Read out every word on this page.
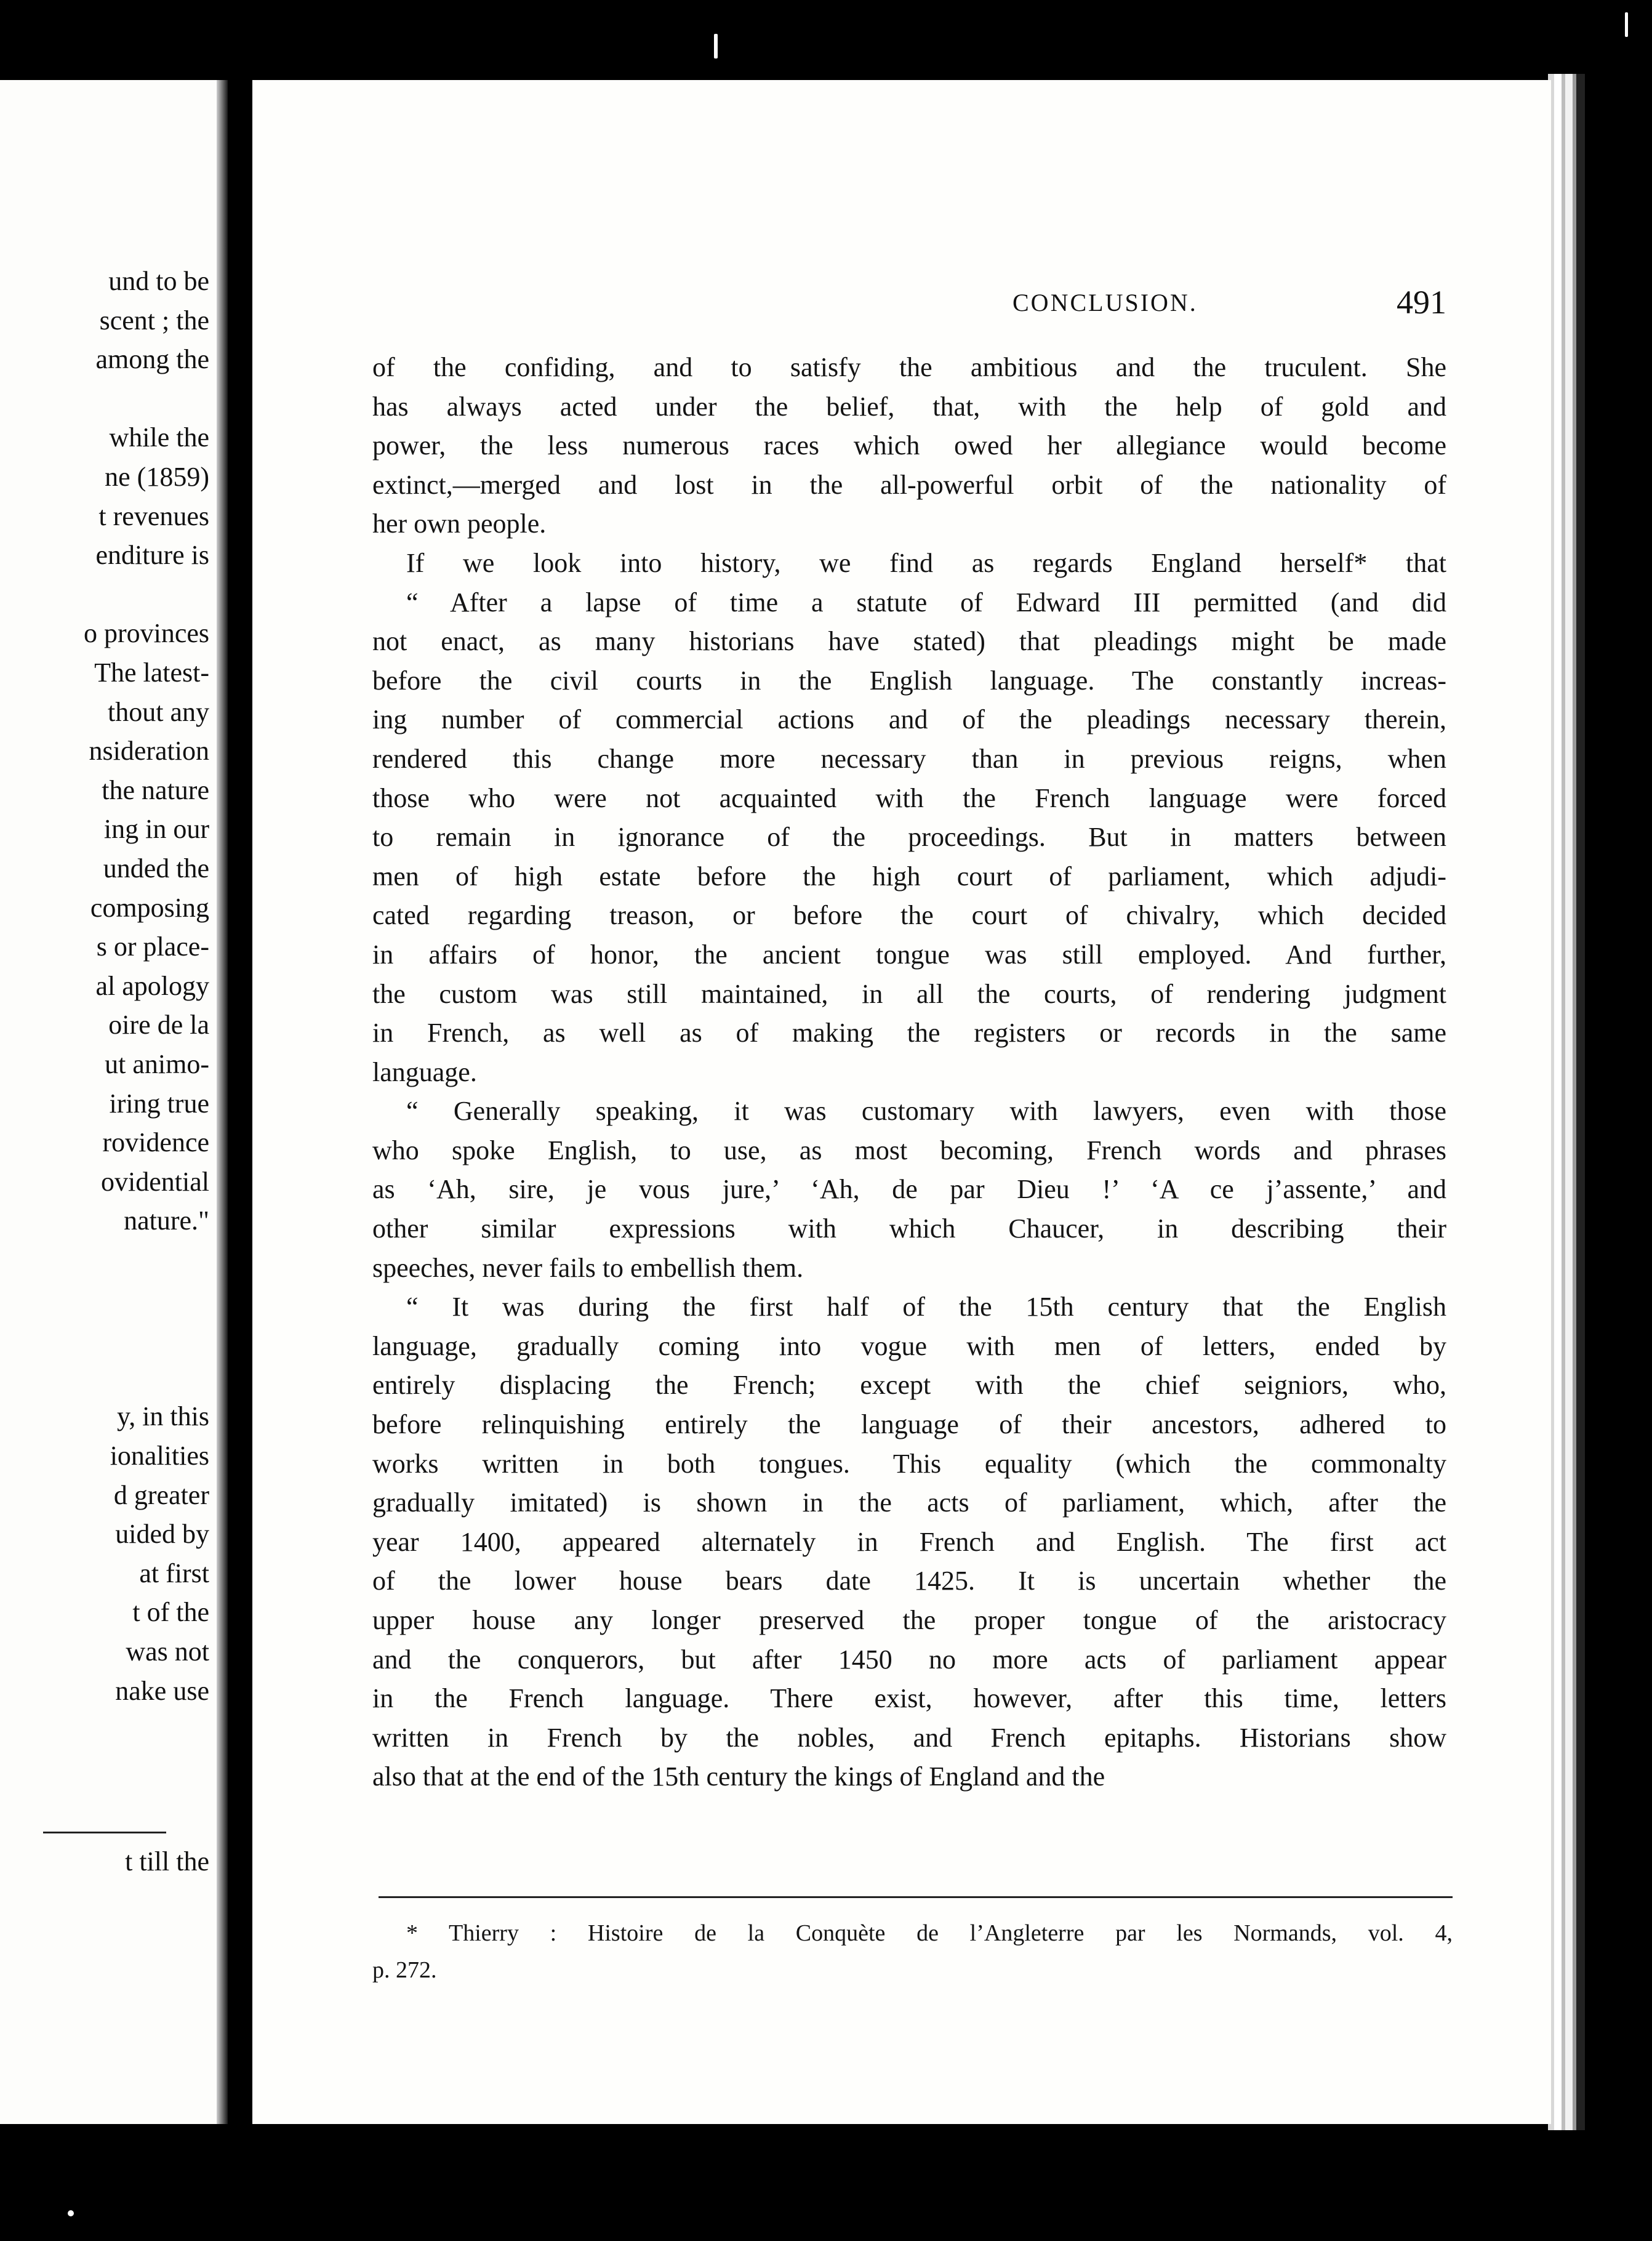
und to be
scent ; the
among the
while the
ne (1859)
t revenues
enditure is
o provinces
The latest-
thout any
nsideration
the nature
ing in our
unded the
composing
s or place-
al apology
oire de la
ut animo-
iring true
rovidence
ovidential
nature."
y, in this
ionalities
d greater
uided by
at first
t of the
was not
nake use
t till the
CONCLUSION.	491
of the confiding, and to satisfy the ambitious and the truculent. She
has always acted under the belief, that, with the help of gold and
power, the less numerous races which owed her allegiance would become
extinct,—merged and lost in the all-powerful orbit of the nationality of
her own people.
If we look into history, we find as regards England herself* that
“ After a lapse of time a statute of Edward III permitted (and did
not enact, as many historians have stated) that pleadings might be made
before the civil courts in the English language. The constantly increas-
ing number of commercial actions and of the pleadings necessary therein,
rendered this change more necessary than in previous reigns, when
those who were not acquainted with the French language were forced
to remain in ignorance of the proceedings. But in matters between
men of high estate before the high court of parliament, which adjudi-
cated regarding treason, or before the court of chivalry, which decided
in affairs of honor, the ancient tongue was still employed. And further,
the custom was still maintained, in all the courts, of rendering judgment
in French, as well as of making the registers or records in the same
language.
“ Generally speaking, it was customary with lawyers, even with those
who spoke English, to use, as most becoming, French words and phrases
as ‘Ah, sire, je vous jure,’ ‘Ah, de par Dieu !’ ‘A ce j’assente,’ and
other similar expressions with which Chaucer, in describing their
speeches, never fails to embellish them.
“ It was during the first half of the 15th century that the English
language, gradually coming into vogue with men of letters, ended by
entirely displacing the French; except with the chief seigniors, who,
before relinquishing entirely the language of their ancestors, adhered to
works written in both tongues. This equality (which the commonalty
gradually imitated) is shown in the acts of parliament, which, after the
year 1400, appeared alternately in French and English. The first act
of the lower house bears date 1425. It is uncertain whether the
upper house any longer preserved the proper tongue of the aristocracy
and the conquerors, but after 1450 no more acts of parliament appear
in the French language. There exist, however, after this time, letters
written in French by the nobles, and French epitaphs. Historians show
also that at the end of the 15th century the kings of England and the
* Thierry : Histoire de la Conquète de l’Angleterre par les Normands, vol. 4,
p. 272.
